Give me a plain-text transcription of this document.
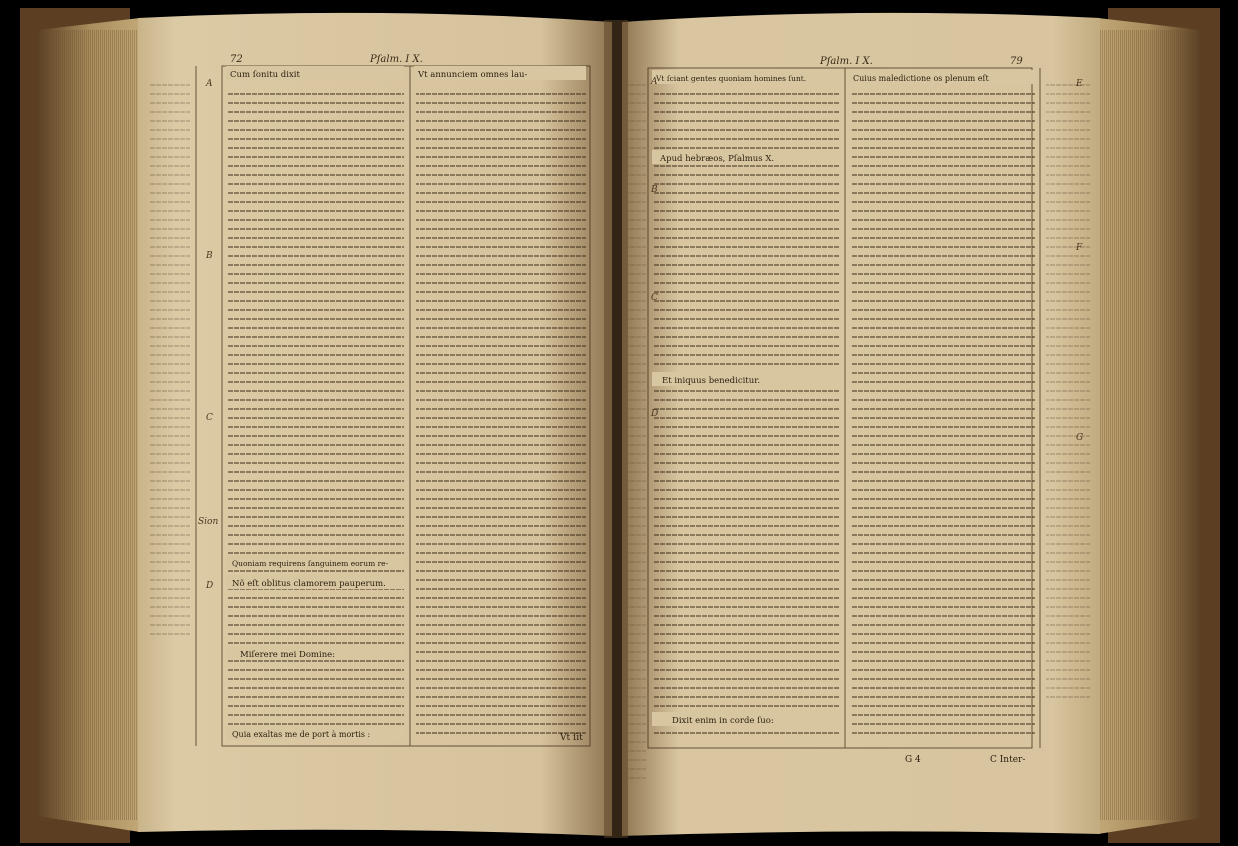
72	Pſalm. I X.	Pſalm. I X.	79
Cum ſonitu dixit	Vt annunciem omnes lau-	Vt ſciant gentes quoniam homines ſunt.	Cuius maledictione os plenum eſt
Nõ eſt oblitus clamorem pauperum.
Quoniam requirens ſanguinem eorum re-
Miſerere mei Domine:
Apud hebræos, Pſalmus X.
Et iniquus benedicitur.
Dixit enim in corde ſuo:
Quia exaltas me de port à mortis :	Vt ſit
G 4	C Inter-
A
B
C
D
Sion
A
B
C
D
E
F
G
